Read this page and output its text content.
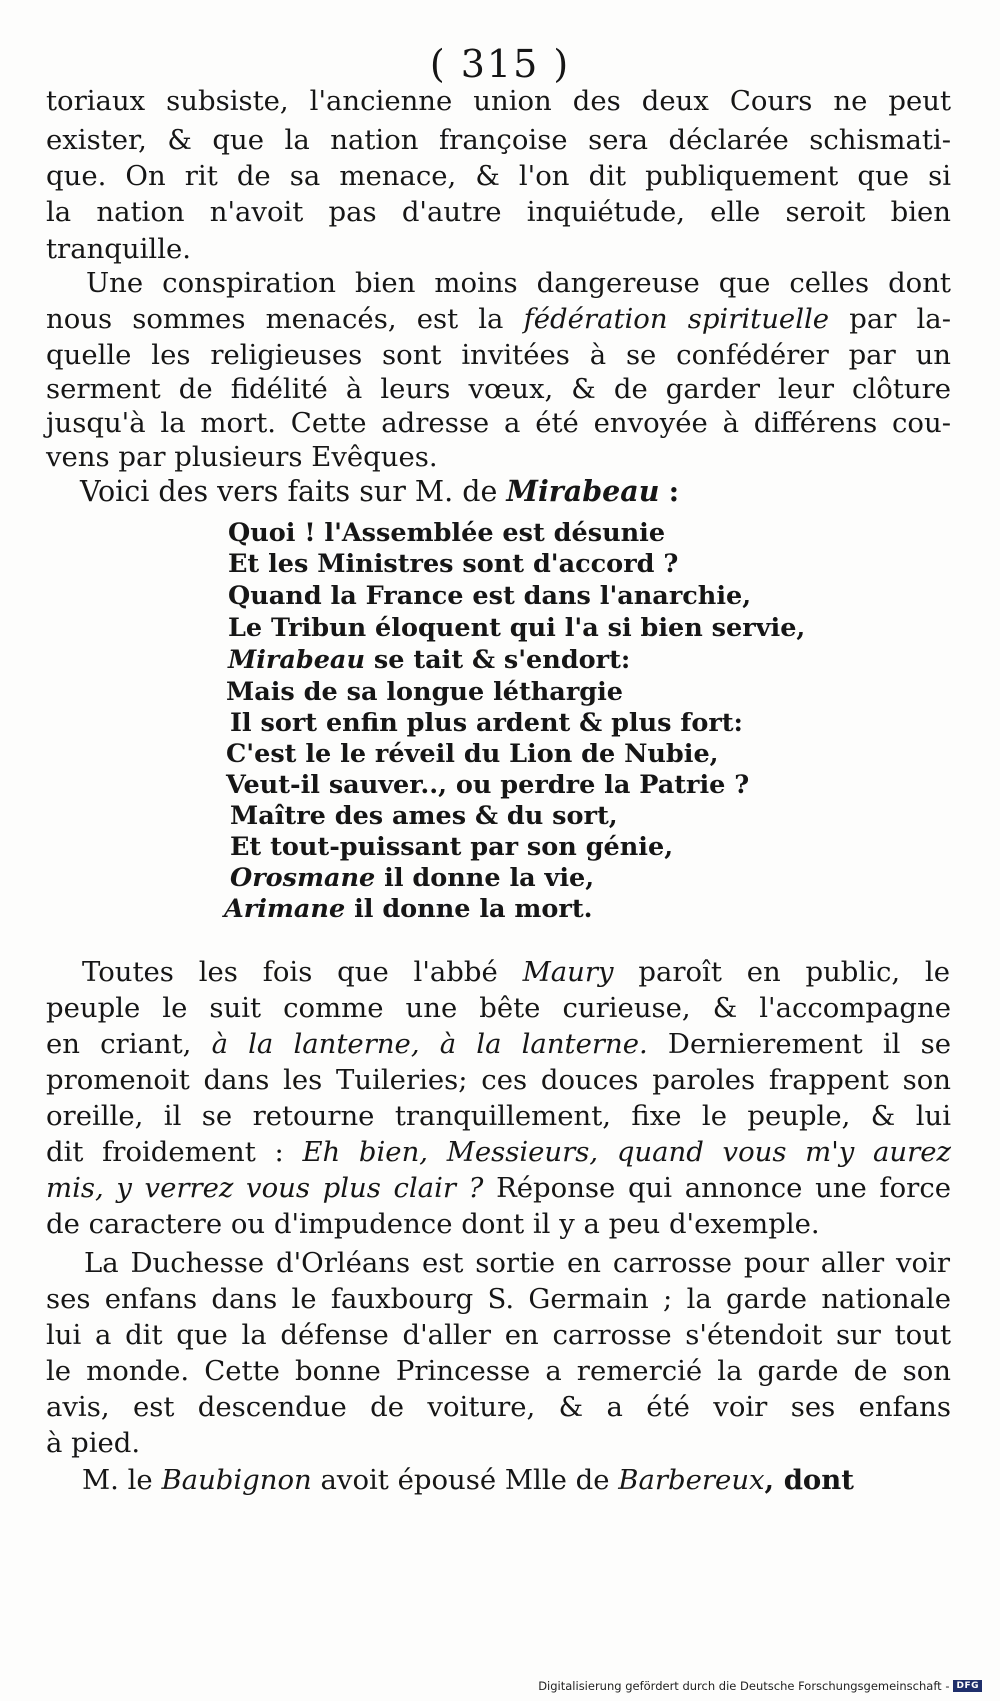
( 315 )
toriaux subsiste, l'ancienne union des deux Cours ne peut
exister, & que la nation françoise sera déclarée schismati-
que. On rit de sa menace, & l'on dit publiquement que si
la nation n'avoit pas d'autre inquiétude, elle seroit bien
tranquille.
Une conspiration bien moins dangereuse que celles dont
nous sommes menacés, est la fédération spirituelle par la-
quelle les religieuses sont invitées à se confédérer par un
serment de fidélité à leurs vœux, & de garder leur clôture
jusqu'à la mort. Cette adresse a été envoyée à différens cou-
vens par plusieurs Evêques.
Voici des vers faits sur M. de Mirabeau :
Quoi ! l'Assemblée est désunie
Et les Ministres sont d'accord ?
Quand la France est dans l'anarchie,
Le Tribun éloquent qui l'a si bien servie,
Mirabeau se tait & s'endort:
Mais de sa longue léthargie
Il sort enfin plus ardent & plus fort:
C'est le le réveil du Lion de Nubie,
Veut-il sauver.., ou perdre la Patrie ?
Maître des ames & du sort,
Et tout-puissant par son génie,
Orosmane il donne la vie,
Arimane il donne la mort.
Toutes les fois que l'abbé Maury paroît en public, le
peuple le suit comme une bête curieuse, & l'accompagne
en criant, à la lanterne, à la lanterne. Dernierement il se
promenoit dans les Tuileries; ces douces paroles frappent son
oreille, il se retourne tranquillement, fixe le peuple, & lui
dit froidement : Eh bien, Messieurs, quand vous m'y aurez
mis, y verrez vous plus clair ? Réponse qui annonce une force
de caractere ou d'impudence dont il y a peu d'exemple.
La Duchesse d'Orléans est sortie en carrosse pour aller voir
ses enfans dans le fauxbourg S. Germain ; la garde nationale
lui a dit que la défense d'aller en carrosse s'étendoit sur tout
le monde. Cette bonne Princesse a remercié la garde de son
avis, est descendue de voiture, & a été voir ses enfans
à pied.
M. le Baubignon avoit épousé Mlle de Barbereux, dont
Digitalisierung gefördert durch die Deutsche Forschungsgemeinschaft - DFG
